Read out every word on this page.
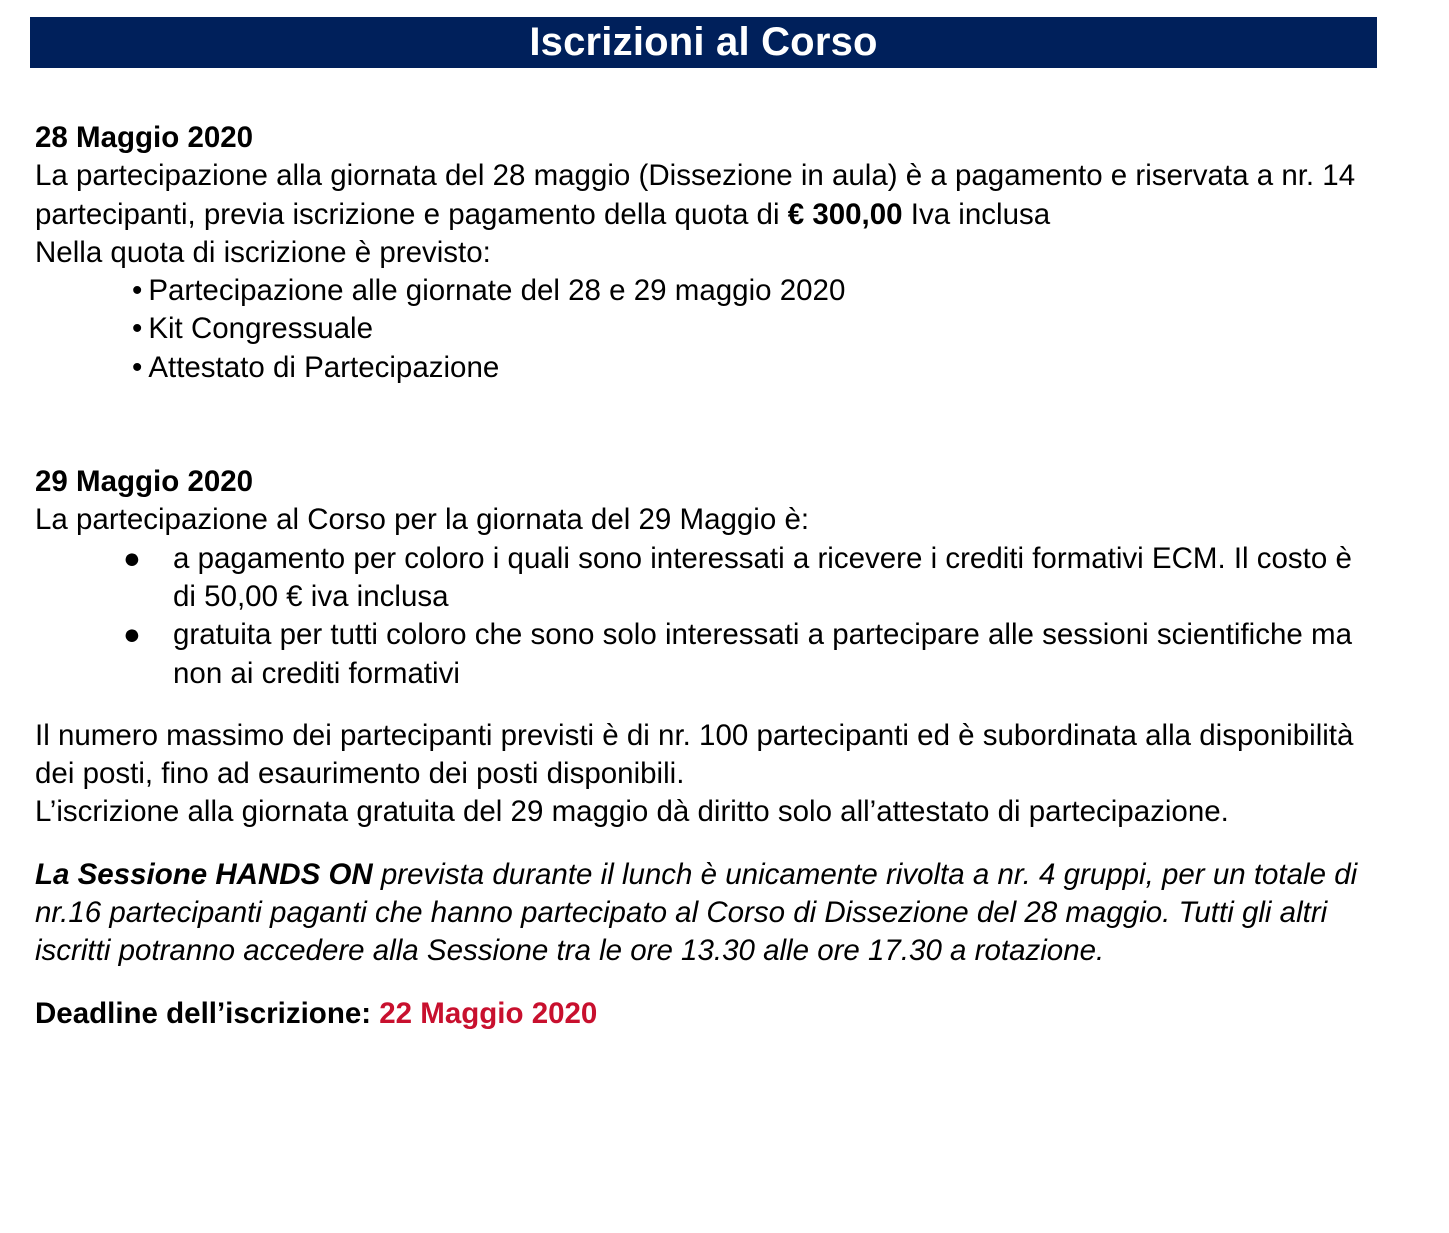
Iscrizioni al Corso

28 Maggio 2020

La partecipazione alla giornata del 28 maggio (Dissezione in aula) è a pagamento e riservata a nr. 14 partecipanti, previa iscrizione e pagamento della quota di € 300,00 Iva inclusa

Nella quota di iscrizione è previsto:

• Partecipazione alle giornate del 28 e 29 maggio 2020
• Kit Congressuale
• Attestato di Partecipazione

29 Maggio 2020

La partecipazione al Corso per la giornata del 29 Maggio è:

● a pagamento per coloro i quali sono interessati a ricevere i crediti formativi ECM. Il costo è di 50,00 € iva inclusa
● gratuita per tutti coloro che sono solo interessati a partecipare alle sessioni scientifiche ma non ai crediti formativi

Il numero massimo dei partecipanti previsti è di nr. 100 partecipanti ed è subordinata alla disponibilità dei posti, fino ad esaurimento dei posti disponibili.

L’iscrizione alla giornata gratuita del 29 maggio dà diritto solo all’attestato di partecipazione.

La Sessione HANDS ON prevista durante il lunch è unicamente rivolta a nr. 4 gruppi, per un totale di nr.16 partecipanti paganti che hanno partecipato al Corso di Dissezione del 28 maggio. Tutti gli altri iscritti potranno accedere alla Sessione tra le ore 13.30 alle ore 17.30 a rotazione.

Deadline dell’iscrizione: 22 Maggio 2020
